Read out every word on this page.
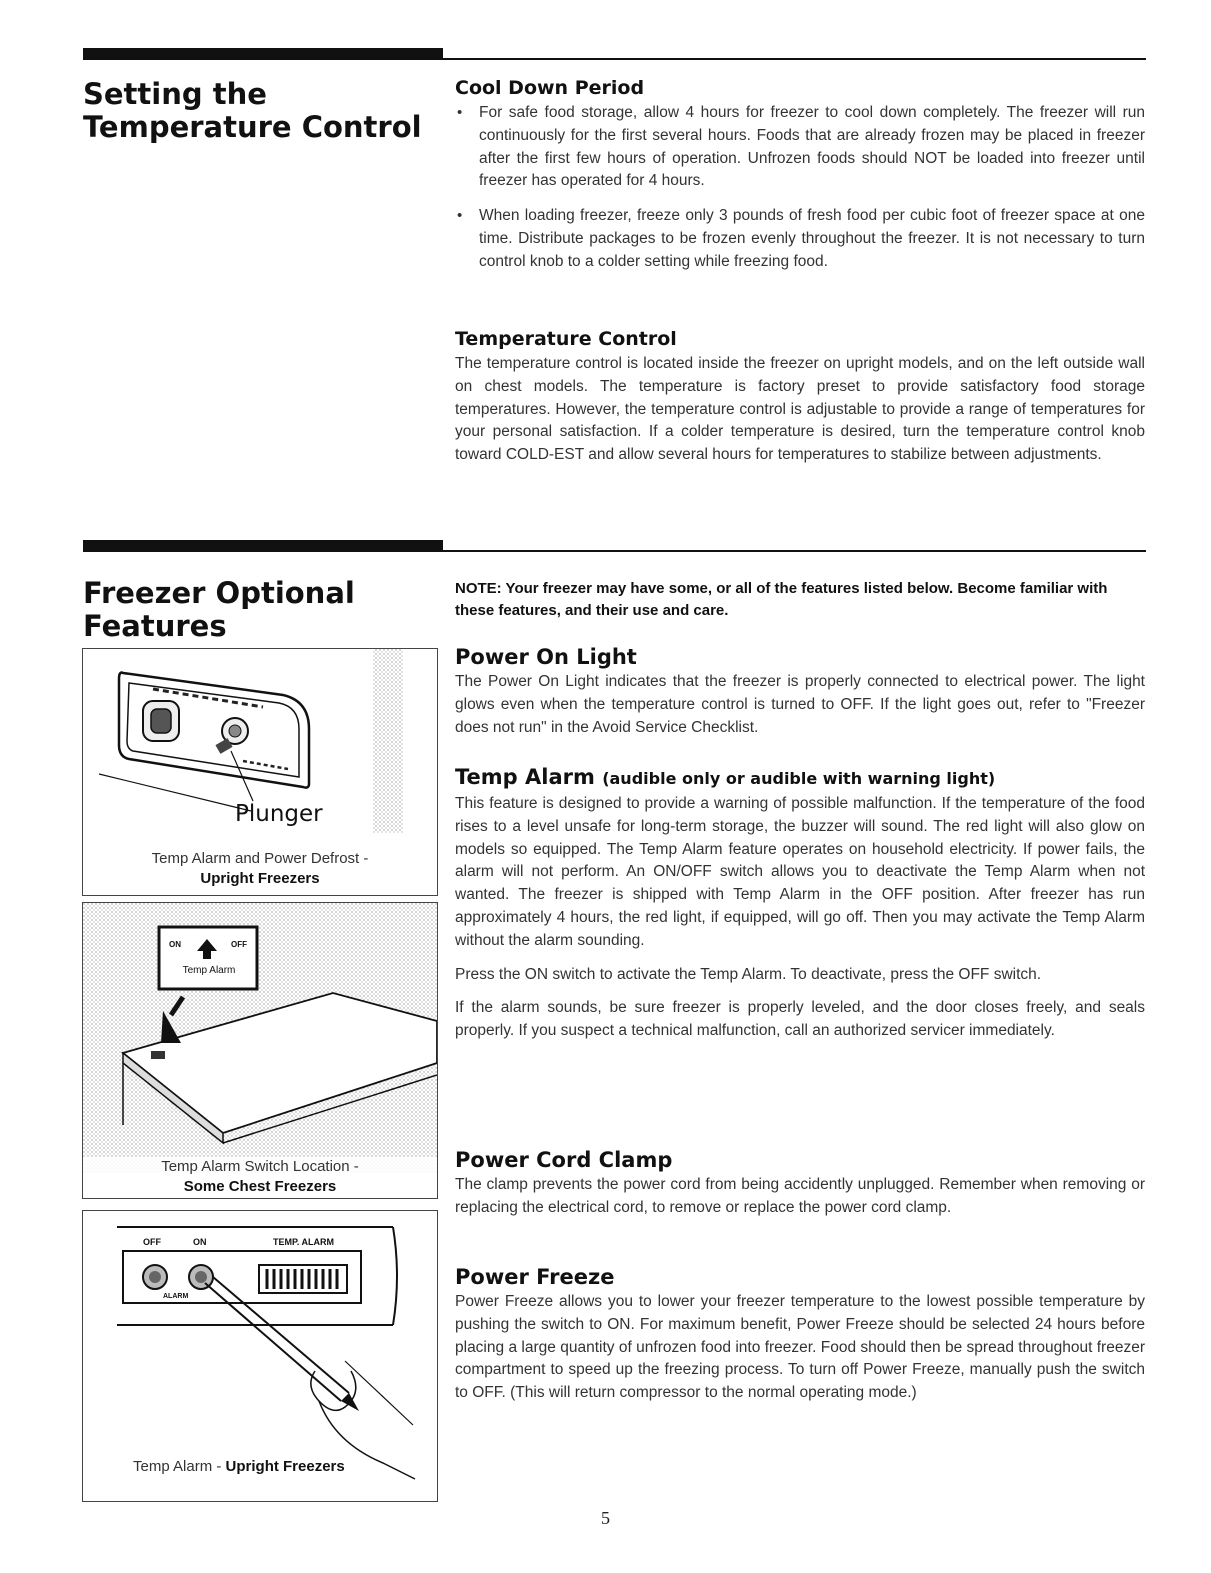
Setting the
Temperature Control
Cool Down Period

• For safe food storage, allow 4 hours for freezer to cool down completely. The freezer will run continuously for the first several hours. Foods that are already frozen may be placed in freezer after the first few hours of operation. Unfrozen foods should NOT be loaded into freezer until freezer has operated for 4 hours.

• When loading freezer, freeze only 3 pounds of fresh food per cubic foot of freezer space at one time. Distribute packages to be frozen evenly throughout the freezer. It is not necessary to turn control knob to a colder setting while freezing food.

Temperature Control

The temperature control is located inside the freezer on upright models, and on the left outside wall on chest models. The temperature is factory preset to provide satisfactory food storage temperatures. However, the temperature control is adjustable to provide a range of temperatures for your personal satisfaction. If a colder temperature is desired, turn the temperature control knob toward COLD-EST and allow several hours for temperatures to stabilize between adjustments.

Freezer Optional
Features

NOTE: Your freezer may have some, or all of the features listed below. Become familiar with these features, and their use and care.

Power On Light

The Power On Light indicates that the freezer is properly connected to electrical power. The light glows even when the temperature control is turned to OFF. If the light goes out, refer to "Freezer does not run" in the Avoid Service Checklist.

Temp Alarm (audible only or audible with warning light)

This feature is designed to provide a warning of possible malfunction. If the temperature of the food rises to a level unsafe for long-term storage, the buzzer will sound. The red light will also glow on models so equipped. The Temp Alarm feature operates on household electricity. If power fails, the alarm will not perform. An ON/OFF switch allows you to deactivate the Temp Alarm when not wanted. The freezer is shipped with Temp Alarm in the OFF position. After freezer has run approximately 4 hours, the red light, if equipped, will go off. Then you may activate the Temp Alarm without the alarm sounding.

Press the ON switch to activate the Temp Alarm. To deactivate, press the OFF switch.

If the alarm sounds, be sure freezer is properly leveled, and the door closes freely, and seals properly. If you suspect a technical malfunction, call an authorized servicer immediately.

Power Cord Clamp

The clamp prevents the power cord from being accidently unplugged. Remember when removing or replacing the electrical cord, to remove or replace the power cord clamp.

Power Freeze

Power Freeze allows you to lower your freezer temperature to the lowest possible temperature by pushing the switch to ON. For maximum benefit, Power Freeze should be selected 24 hours before placing a large quantity of unfrozen food into freezer. Food should then be spread throughout freezer compartment to speed up the freezing process. To turn off Power Freeze, manually push the switch to OFF. (This will return compressor to the normal operating mode.)

Plunger
Temp Alarm and Power Defrost -
Upright Freezers
ON	OFF
Temp Alarm
Temp Alarm Switch Location -
Some Chest Freezers
OFF	ON	TEMP. ALARM
ALARM
Temp Alarm - Upright Freezers
5
